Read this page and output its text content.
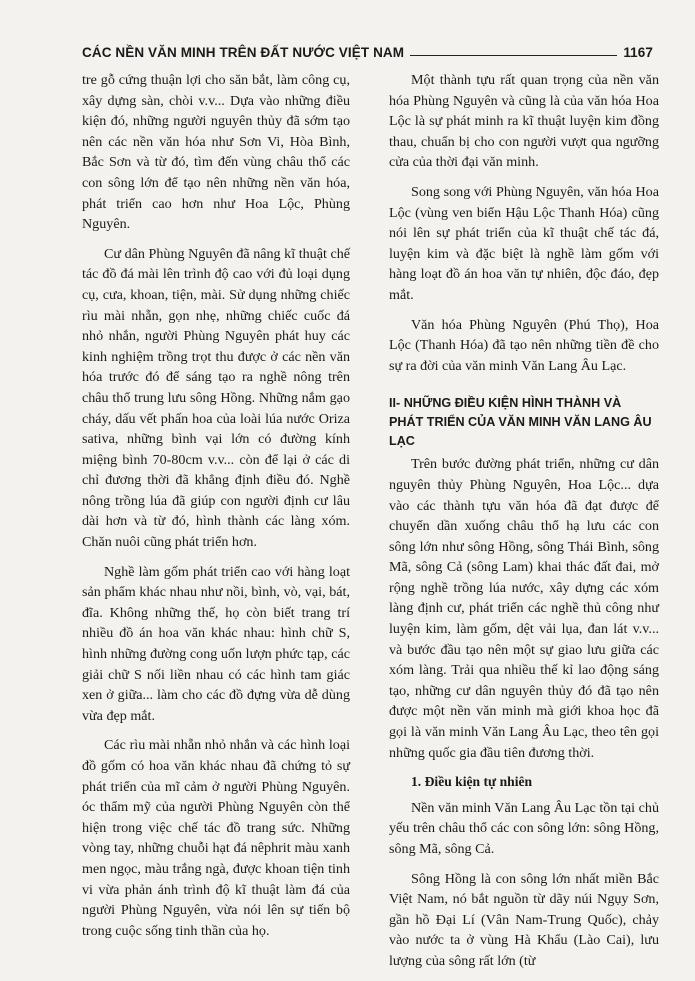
CÁC NỀN VĂN MINH TRÊN ĐẤT NƯỚC VIỆT NAM	1167

tre gỗ cứng thuận lợi cho săn bắt, làm công cụ, xây dựng sàn, chòi v.v... Dựa vào những điều kiện đó, những người nguyên thủy đã sớm tạo nên các nền văn hóa như Sơn Vi, Hòa Bình, Bắc Sơn và từ đó, tìm đến vùng châu thổ các con sông lớn để tạo nên những nền văn hóa, phát triển cao hơn như Hoa Lộc, Phùng Nguyên.

Cư dân Phùng Nguyên đã nâng kĩ thuật chế tác đồ đá mài lên trình độ cao với đủ loại dụng cụ, cưa, khoan, tiện, mài. Sử dụng những chiếc rìu mài nhẵn, gọn nhẹ, những chiếc cuốc đá nhỏ nhắn, người Phùng Nguyên phát huy các kinh nghiệm trồng trọt thu được ở các nền văn hóa trước đó để sáng tạo ra nghề nông trên châu thổ trung lưu sông Hồng. Những nắm gạo cháy, dấu vết phấn hoa của loài lúa nước Oriza sativa, những bình vại lớn có đường kính miệng bình 70-80cm v.v... còn để lại ở các di chỉ đương thời đã khẳng định điều đó. Nghề nông trồng lúa đã giúp con người định cư lâu dài hơn và từ đó, hình thành các làng xóm. Chăn nuôi cũng phát triển hơn.

Nghề làm gốm phát triển cao với hàng loạt sản phẩm khác nhau như nồi, bình, vò, vại, bát, đĩa. Không những thế, họ còn biết trang trí nhiều đồ án hoa văn khác nhau: hình chữ S, hình những đường cong uốn lượn phức tạp, các giải chữ S nối liền nhau có các hình tam giác xen ở giữa... làm cho các đồ đựng vừa dễ dùng vừa đẹp mắt.

Các rìu mài nhẵn nhỏ nhắn và các hình loại đồ gốm có hoa văn khác nhau đã chứng tỏ sự phát triển của mĩ cảm ở người Phùng Nguyên. óc thẩm mỹ của người Phùng Nguyên còn thể hiện trong việc chế tác đồ trang sức. Những vòng tay, những chuỗi hạt đá nêphrit màu xanh men ngọc, màu trắng ngà, được khoan tiện tinh vi vừa phản ánh trình độ kĩ thuật làm đá của người Phùng Nguyên, vừa nói lên sự tiến bộ trong cuộc sống tinh thần của họ.

Một thành tựu rất quan trọng của nền văn hóa Phùng Nguyên và cũng là của văn hóa Hoa Lộc là sự phát minh ra kĩ thuật luyện kim đồng thau, chuẩn bị cho con người vượt qua ngưỡng cửa của thời đại văn minh.

Song song với Phùng Nguyên, văn hóa Hoa Lộc (vùng ven biển Hậu Lộc Thanh Hóa) cũng nói lên sự phát triển của kĩ thuật chế tác đá, luyện kim và đặc biệt là nghề làm gốm với hàng loạt đồ án hoa văn tự nhiên, độc đáo, đẹp mắt.

Văn hóa Phùng Nguyên (Phú Thọ), Hoa Lộc (Thanh Hóa) đã tạo nên những tiền đề cho sự ra đời của văn minh Văn Lang Âu Lạc.

II- NHỮNG ĐIỀU KIỆN HÌNH THÀNH VÀ PHÁT TRIỂN CỦA VĂN MINH VĂN LANG ÂU LẠC

Trên bước đường phát triển, những cư dân nguyên thủy Phùng Nguyên, Hoa Lộc... dựa vào các thành tựu văn hóa đã đạt được để chuyển dần xuống châu thổ hạ lưu các con sông lớn như sông Hồng, sông Thái Bình, sông Mã, sông Cả (sông Lam) khai thác đất đai, mở rộng nghề trồng lúa nước, xây dựng các xóm làng định cư, phát triển các nghề thủ công như luyện kim, làm gốm, dệt vải lụa, đan lát v.v... và bước đầu tạo nên một sự giao lưu giữa các xóm làng. Trải qua nhiều thế kỉ lao động sáng tạo, những cư dân nguyên thủy đó đã tạo nên được một nền văn minh mà giới khoa học đã gọi là văn minh Văn Lang Âu Lạc, theo tên gọi những quốc gia đầu tiên đương thời.

1. Điều kiện tự nhiên

Nền văn minh Văn Lang Âu Lạc tồn tại chủ yếu trên châu thổ các con sông lớn: sông Hồng, sông Mã, sông Cả.

Sông Hồng là con sông lớn nhất miền Bắc Việt Nam, nó bắt nguồn từ dãy núi Ngụy Sơn, gần hồ Đại Lí (Vân Nam-Trung Quốc), chảy vào nước ta ở vùng Hà Khẩu (Lào Cai), lưu lượng của sông rất lớn (từ
